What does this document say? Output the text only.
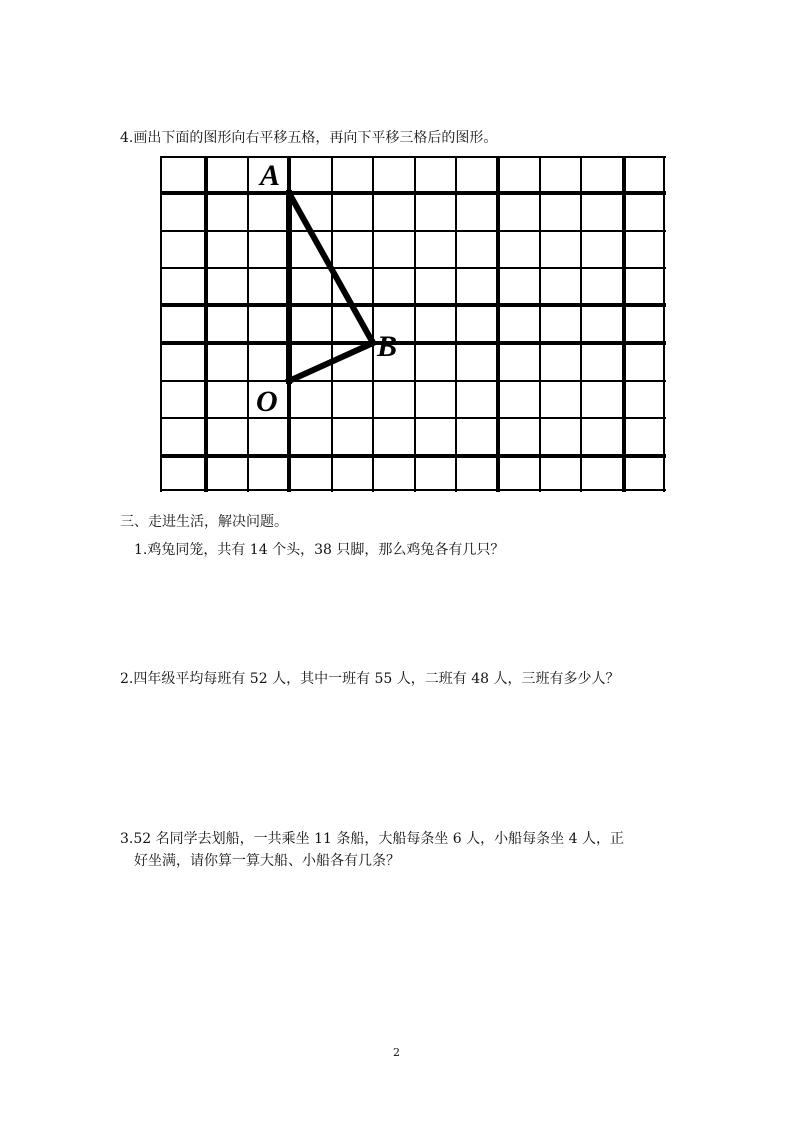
4.画出下面的图形向右平移五格，再向下平移三格后的图形。
A
B
O
三、走进生活，解决问题。
1.鸡兔同笼，共有 14 个头，38 只脚，那么鸡兔各有几只？
2.四年级平均每班有 52 人，其中一班有 55 人，二班有 48 人，三班有多少人？
3.52 名同学去划船，一共乘坐 11 条船，大船每条坐 6 人，小船每条坐 4 人，正
好坐满，请你算一算大船、小船各有几条？
2
